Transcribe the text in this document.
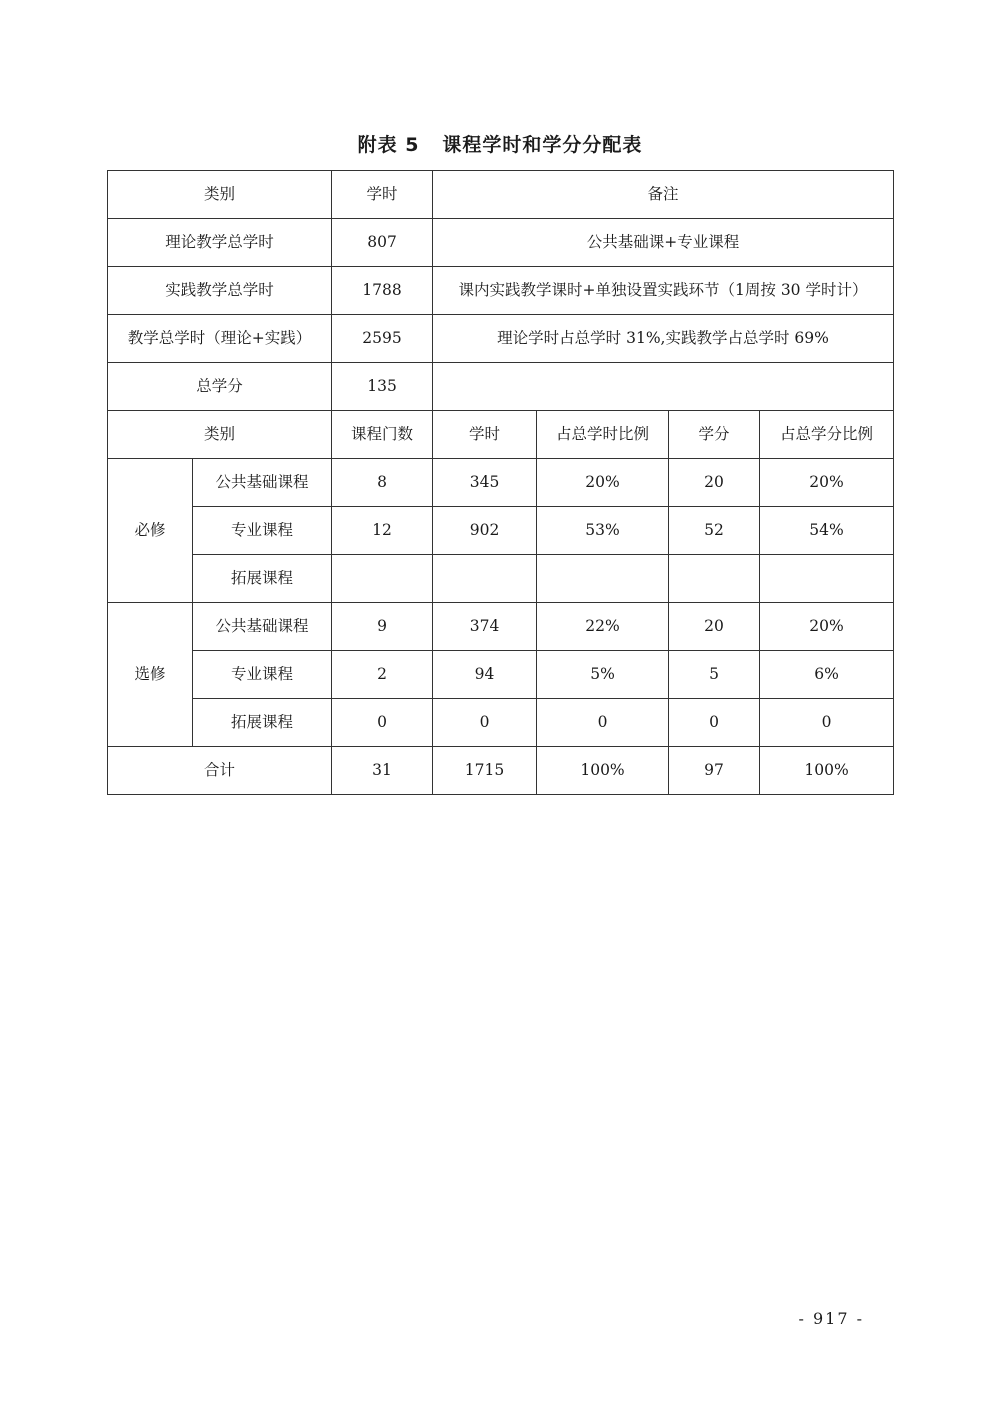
附表 5   课程学时和学分分配表
类别		学时	备注			
理论教学总学时		807	公共基础课+专业课程			
实践教学总学时		1788	课内实践教学课时+单独设置实践环节（1周按 30 学时计）			
教学总学时（理论+实践）		2595	理论学时占总学时 31%,实践教学占总学时 69%			
总学分		135				
类别		课程门数	学时	占总学时比例	学分	占总学分比例
必修	公共基础课程	8	345	20%	20	20%
	专业课程	12	902	53%	52	54%
	拓展课程					
选修	公共基础课程	9	374	22%	20	20%
	专业课程	2	94	5%	5	6%
	拓展课程	0	0	0	0	0
合计		31	1715	100%	97	100%
- 917 -
